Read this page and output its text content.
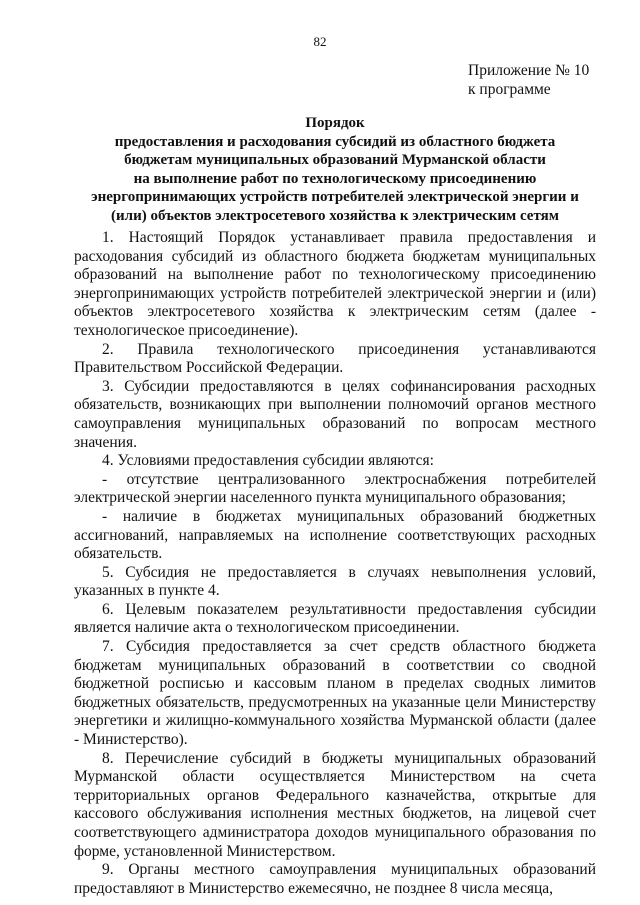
82
Приложение № 10
к программе
Порядок
предоставления и расходования субсидий из областного бюджета
бюджетам муниципальных образований Мурманской области
на выполнение работ по технологическому присоединению
энергопринимающих устройств потребителей электрической энергии и
(или) объектов электросетевого хозяйства к электрическим сетям

1. Настоящий Порядок устанавливает правила предоставления и расходования субсидий из областного бюджета бюджетам муниципальных образований на выполнение работ по технологическому присоединению энергопринимающих устройств потребителей электрической энергии и (или) объектов электросетевого хозяйства к электрическим сетям (далее - технологическое присоединение).

2. Правила технологического присоединения устанавливаются Правительством Российской Федерации.

3. Субсидии предоставляются в целях софинансирования расходных обязательств, возникающих при выполнении полномочий органов местного самоуправления муниципальных образований по вопросам местного значения.

4. Условиями предоставления субсидии являются:

- отсутствие централизованного электроснабжения потребителей электрической энергии населенного пункта муниципального образования;

- наличие в бюджетах муниципальных образований бюджетных ассигнований, направляемых на исполнение соответствующих расходных обязательств.

5. Субсидия не предоставляется в случаях невыполнения условий, указанных в пункте 4.

6. Целевым показателем результативности предоставления субсидии является наличие акта о технологическом присоединении.

7. Субсидия предоставляется за счет средств областного бюджета бюджетам муниципальных образований в соответствии со сводной бюджетной росписью и кассовым планом в пределах сводных лимитов бюджетных обязательств, предусмотренных на указанные цели Министерству энергетики и жилищно-коммунального хозяйства Мурманской области (далее - Министерство).

8. Перечисление субсидий в бюджеты муниципальных образований Мурманской области осуществляется Министерством на счета территориальных органов Федерального казначейства, открытые для кассового обслуживания исполнения местных бюджетов, на лицевой счет соответствующего администратора доходов муниципального образования по форме, установленной Министерством.

9. Органы местного самоуправления муниципальных образований предоставляют в Министерство ежемесячно, не позднее 8 числа месяца,
